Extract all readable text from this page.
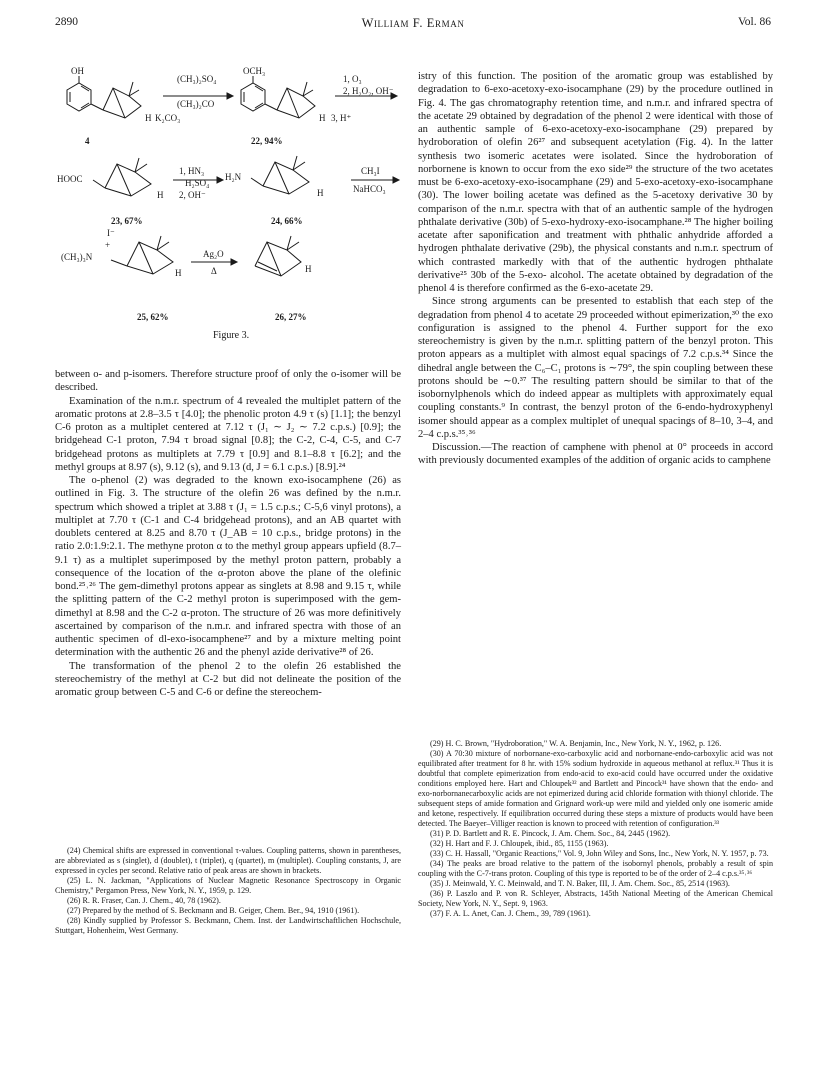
2890	William F. Erman	Vol. 86
OH	OCH₃
(CH₃)₂SO₄
(CH₃)₂CO
K₂CO₃
H
1, O₃
2, H₂O₂, OH⁻
3, H⁺
H
4	22, 94%
HOOC
1, HN₃
H₂SO₄
2, OH⁻
H
H₂N
H
CH₃I
NaHCO₃
23, 67%	24, 66%
I⁻
+
(CH₃)₃N
H
Ag₂O
Δ	H
25, 62%	26, 27%
Figure 3.

between o- and p-isomers. Therefore structure proof of only the o-isomer will be described.

Examination of the n.m.r. spectrum of 4 revealed the multiplet pattern of the aromatic protons at 2.8–3.5 τ [4.0]; the phenolic proton 4.9 τ (s) [1.1]; the benzyl C-6 proton as a multiplet centered at 7.12 τ (J₁ ∼ J₂ ∼ 7.2 c.p.s.) [0.9]; the bridgehead C-1 proton, 7.94 τ broad signal [0.8]; the C-2, C-4, C-5, and C-7 bridgehead protons as multiplets at 7.79 τ [0.9] and 8.1–8.8 τ [6.2]; and the methyl groups at 8.97 (s), 9.12 (s), and 9.13 (d, J = 6.1 c.p.s.) [8.9].²⁴

The o-phenol (2) was degraded to the known exo-isocamphene (26) as outlined in Fig. 3. The structure of the olefin 26 was defined by the n.m.r. spectrum which showed a triplet at 3.88 τ (J₁ = 1.5 c.p.s.; C-5,6 vinyl protons), a multiplet at 7.70 τ (C-1 and C-4 bridgehead protons), and an AB quartet with doublets centered at 8.25 and 8.70 τ (J_AB = 10 c.p.s., bridge protons) in the ratio 2.0:1.9:2.1. The methyne proton α to the methyl group appears upfield (8.7–9.1 τ) as a multiplet superimposed by the methyl proton pattern, probably a consequence of the location of the α-proton above the plane of the olefinic bond.²⁵˒²⁶ The gem-dimethyl protons appear as singlets at 8.98 and 9.15 τ, while the splitting pattern of the C-2 methyl proton is superimposed with the gem-dimethyl at 8.98 and the C-2 α-proton. The structure of 26 was more definitively ascertained by comparison of the n.m.r. and infrared spectra with those of an authentic specimen of dl-exo-isocamphene²⁷ and by a mixture melting point determination with the authentic 26 and the phenyl azide derivative²⁸ of 26.

The transformation of the phenol 2 to the olefin 26 established the stereochemistry of the methyl at C-2 but did not delineate the position of the aromatic group between C-5 and C-6 or define the stereochem-

(24) Chemical shifts are expressed in conventional τ-values. Coupling patterns, shown in parentheses, are abbreviated as s (singlet), d (doublet), t (triplet), q (quartet), m (multiplet). Coupling constants, J, are expressed in cycles per second. Relative ratio of peak areas are shown in brackets.

(25) L. N. Jackman, "Applications of Nuclear Magnetic Resonance Spectroscopy in Organic Chemistry," Pergamon Press, New York, N. Y., 1959, p. 129.

(26) R. R. Fraser, Can. J. Chem., 40, 78 (1962).

(27) Prepared by the method of S. Beckmann and B. Geiger, Chem. Ber., 94, 1910 (1961).

(28) Kindly supplied by Professor S. Beckmann, Chem. Inst. der Landwirtschaftlichen Hochschule, Stuttgart, Hohenheim, West Germany.

istry of this function. The position of the aromatic group was established by degradation to 6-exo-acetoxy-exo-isocamphane (29) by the procedure outlined in Fig. 4. The gas chromatography retention time, and n.m.r. and infrared spectra of the acetate 29 obtained by degradation of the phenol 2 were identical with those of an authentic sample of 6-exo-acetoxy-exo-isocamphane (29) prepared by hydroboration of olefin 26²⁷ and subsequent acetylation (Fig. 4). In the latter synthesis two isomeric acetates were isolated. Since the hydroboration of norbornene is known to occur from the exo side²⁹ the structure of the two acetates must be 6-exo-acetoxy-exo-isocamphane (29) and 5-exo-acetoxy-exo-isocamphane (30). The lower boiling acetate was defined as the 5-acetoxy derivative 30 by comparison of the n.m.r. spectra with that of an authentic sample of the hydrogen phthalate derivative (30b) of 5-exo-hydroxy-exo-isocamphane.²⁸ The higher boiling acetate after saponification and treatment with phthalic anhydride afforded a hydrogen phthalate derivative (29b), the physical constants and n.m.r. spectrum of which contrasted markedly with that of the authentic hydrogen phthalate derivative²⁵ 30b of the 5-exo- alcohol. The acetate obtained by degradation of the phenol 4 is therefore confirmed as the 6-exo-acetate 29.

Since strong arguments can be presented to establish that each step of the degradation from phenol 4 to acetate 29 proceeded without epimerization,³⁰ the exo configuration is assigned to the phenol 4. Further support for the exo stereochemistry is given by the n.m.r. splitting pattern of the benzyl proton. This proton appears as a multiplet with almost equal spacings of 7.2 c.p.s.³⁴ Since the dihedral angle between the C₆–C₁ protons is ∼79°, the spin coupling between these protons should be ∼0.³⁷ The resulting pattern should be similar to that of the isobornylphenols which do indeed appear as multiplets with approximately equal coupling constants.⁹ In contrast, the benzyl proton of the 6-endo-hydroxyphenyl isomer should appear as a complex multiplet of unequal spacings of 8–10, 3–4, and 2–4 c.p.s.³⁵˒³⁶

Discussion.—The reaction of camphene with phenol at 0° proceeds in accord with previously documented examples of the addition of organic acids to camphene

(29) H. C. Brown, "Hydroboration," W. A. Benjamin, Inc., New York, N. Y., 1962, p. 126.

(30) A 70:30 mixture of norbornane-exo-carboxylic acid and norbornane-endo-carboxylic acid was not equilibrated after treatment for 8 hr. with 15% sodium hydroxide in aqueous methanol at reflux.³¹ Thus it is doubtful that complete epimerization from endo-acid to exo-acid could have occurred under the oxidative conditions employed here. Hart and Chloupek³² and Bartlett and Pincock³¹ have shown that the endo- and exo-norbornanecarboxylic acids are not epimerized during acid chloride formation with thionyl chloride. The subsequent steps of amide formation and Grignard work-up were mild and yielded only one isomeric amide and ketone, respectively. If equilibration occurred during these steps a mixture of products would have been detected. The Baeyer–Villiger reaction is known to proceed with retention of configuration.³³

(31) P. D. Bartlett and R. E. Pincock, J. Am. Chem. Soc., 84, 2445 (1962).

(32) H. Hart and F. J. Chloupek, ibid., 85, 1155 (1963).

(33) C. H. Hassall, "Organic Reactions," Vol. 9, John Wiley and Sons, Inc., New York, N. Y. 1957, p. 73.

(34) The peaks are broad relative to the pattern of the isobornyl phenols, probably a result of spin coupling with the C-7-trans proton. Coupling of this type is reported to be of the order of 2–4 c.p.s.³⁵˒³⁶

(35) J. Meinwald, Y. C. Meinwald, and T. N. Baker, III, J. Am. Chem. Soc., 85, 2514 (1963).

(36) P. Laszlo and P. von R. Schleyer, Abstracts, 145th National Meeting of the American Chemical Society, New York, N. Y., Sept. 9, 1963.

(37) F. A. L. Anet, Can. J. Chem., 39, 789 (1961).
